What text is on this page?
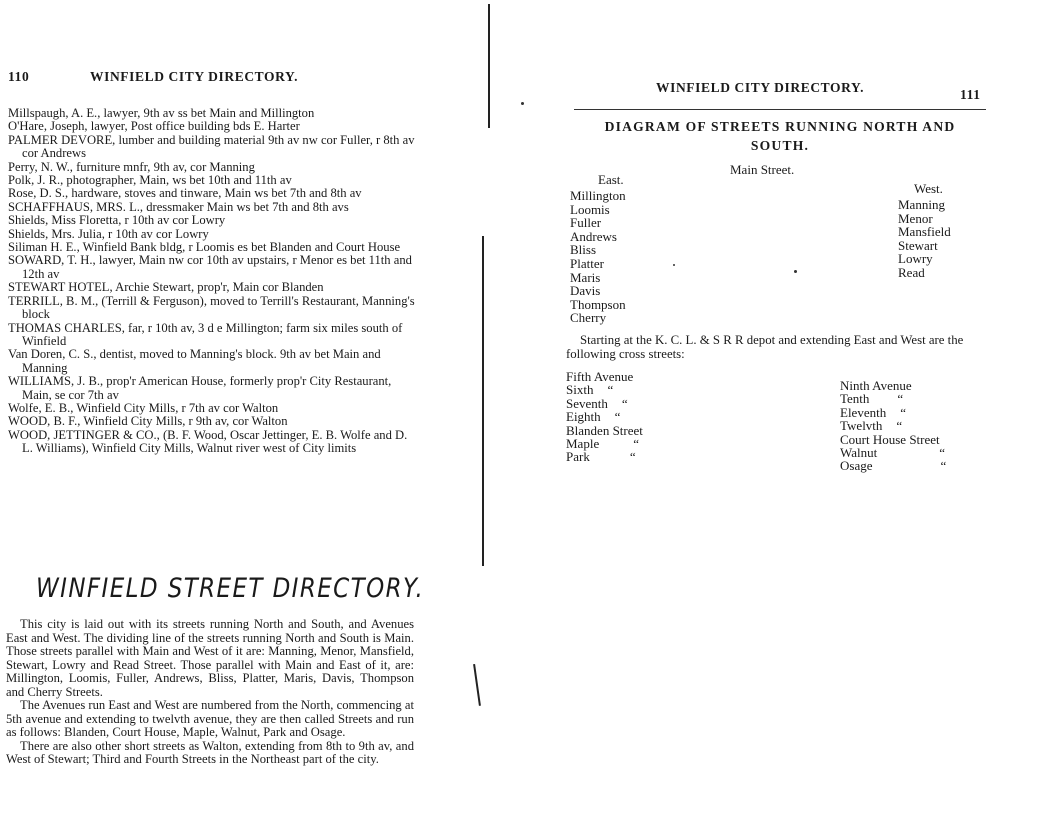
110	WINFIELD CITY DIRECTORY.

Millspaugh, A. E., lawyer, 9th av ss bet Main and Millington

O'Hare, Joseph, lawyer, Post office building bds E. Harter

PALMER DEVORE, lumber and building material 9th av nw cor Fuller, r 8th av cor Andrews

Perry, N. W., furniture mnfr, 9th av, cor Manning

Polk, J. R., photographer, Main, ws bet 10th and 11th av

Rose, D. S., hardware, stoves and tinware, Main ws bet 7th and 8th av

SCHAFFHAUS, MRS. L., dressmaker Main ws bet 7th and 8th avs

Shields, Miss Floretta, r 10th av cor Lowry

Shields, Mrs. Julia, r 10th av cor Lowry

Siliman H. E., Winfield Bank bldg, r Loomis es bet Blanden and Court House

SOWARD, T. H., lawyer, Main nw cor 10th av upstairs, r Menor es bet 11th and 12th av

STEWART HOTEL, Archie Stewart, prop'r, Main cor Blanden

TERRILL, B. M., (Terrill & Ferguson), moved to Terrill's Restaurant, Manning's block

THOMAS CHARLES, far, r 10th av, 3 d e Millington; farm six miles south of Winfield

Van Doren, C. S., dentist, moved to Manning's block. 9th av bet Main and Manning

WILLIAMS, J. B., prop'r American House, formerly prop'r City Restaurant, Main, se cor 7th av

Wolfe, E. B., Winfield City Mills, r 7th av cor Walton

WOOD, B. F., Winfield City Mills, r 9th av, cor Walton

WOOD, JETTINGER & CO., (B. F. Wood, Oscar Jettinger, E. B. Wolfe and D. L. Williams), Winfield City Mills, Walnut river west of City limits

WINFIELD STREET DIRECTORY.

This city is laid out with its streets running North and South, and Avenues East and West. The dividing line of the streets running North and South is Main. Those streets parallel with Main and West of it are: Manning, Menor, Mansfield, Stewart, Lowry and Read Street. Those parallel with Main and East of it, are: Millington, Loomis, Fuller, Andrews, Bliss, Platter, Maris, Davis, Thompson and Cherry Streets.

The Avenues run East and West are numbered from the North, commencing at 5th avenue and extending to twelvth avenue, they are then called Streets and run as follows: Blanden, Court House, Maple, Walnut, Park and Osage.

There are also other short streets as Walton, extending from 8th to 9th av, and West of Stewart; Third and Fourth Streets in the Northeast part of the city.

WINFIELD CITY DIRECTORY.	111
DIAGRAM OF STREETS RUNNING NORTH AND SOUTH.
Main Street.
East.
West.
Millington
Loomis
Fuller
Andrews
Bliss
Platter
Maris
Davis
Thompson
Cherry
Manning
Menor
Mansfield
Stewart
Lowry
Read
Starting at the K. C. L. & S R R depot and extending East and West are the following cross streets:
Fifth Avenue
Sixth “
Seventh “
Eighth “
Blanden Street
Maple	“
Park	“
Ninth Avenue
Tenth “
Eleventh “
Twelvth “
Court House Street
Walnut	“
Osage	“
